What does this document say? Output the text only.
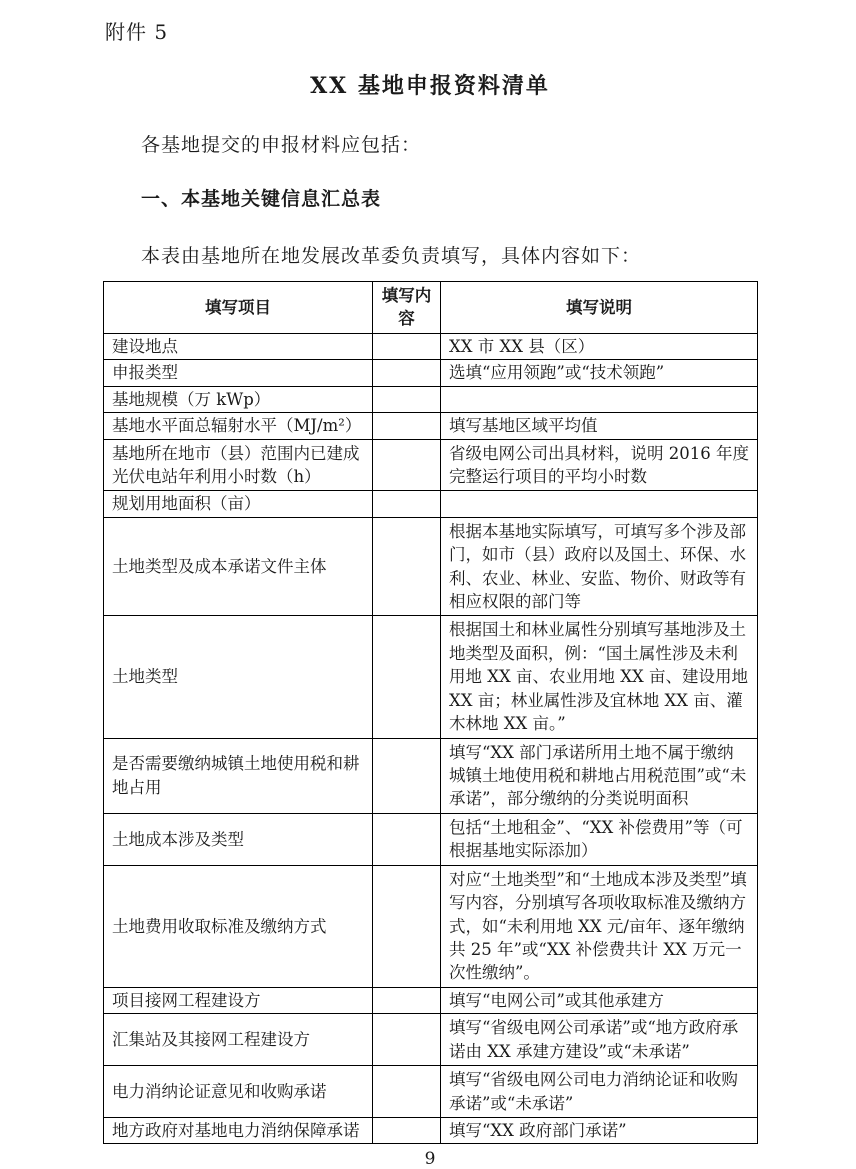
附件 5
XX 基地申报资料清单
各基地提交的申报材料应包括：
一、本基地关键信息汇总表
本表由基地所在地发展改革委负责填写，具体内容如下：
填写项目	填写内容	填写说明
建设地点		XX 市 XX 县（区）
申报类型		选填“应用领跑”或“技术领跑”
基地规模（万 kWp）		
基地水平面总辐射水平（MJ/m²）		填写基地区域平均值
基地所在地市（县）范围内已建成光伏电站年利用小时数（h）		省级电网公司出具材料，说明 2016 年度完整运行项目的平均小时数
规划用地面积（亩）		
土地类型及成本承诺文件主体		根据本基地实际填写，可填写多个涉及部门，如市（县）政府以及国土、环保、水利、农业、林业、安监、物价、财政等有相应权限的部门等
土地类型		根据国土和林业属性分别填写基地涉及土地类型及面积，例：“国土属性涉及未利用地 XX 亩、农业用地 XX 亩、建设用地 XX 亩；林业属性涉及宜林地 XX 亩、灌木林地 XX 亩。”
是否需要缴纳城镇土地使用税和耕地占用		填写“XX 部门承诺所用土地不属于缴纳城镇土地使用税和耕地占用税范围”或“未承诺”，部分缴纳的分类说明面积
土地成本涉及类型		包括“土地租金”、“XX 补偿费用”等（可根据基地实际添加）
土地费用收取标准及缴纳方式		对应“土地类型”和“土地成本涉及类型”填写内容，分别填写各项收取标准及缴纳方式，如“未利用地 XX 元/亩年、逐年缴纳共 25 年”或“XX 补偿费共计 XX 万元一次性缴纳”。
项目接网工程建设方		填写“电网公司”或其他承建方
汇集站及其接网工程建设方		填写“省级电网公司承诺”或“地方政府承诺由 XX 承建方建设”或“未承诺”
电力消纳论证意见和收购承诺		填写“省级电网公司电力消纳论证和收购承诺”或“未承诺”
地方政府对基地电力消纳保障承诺		填写“XX 政府部门承诺”
9
